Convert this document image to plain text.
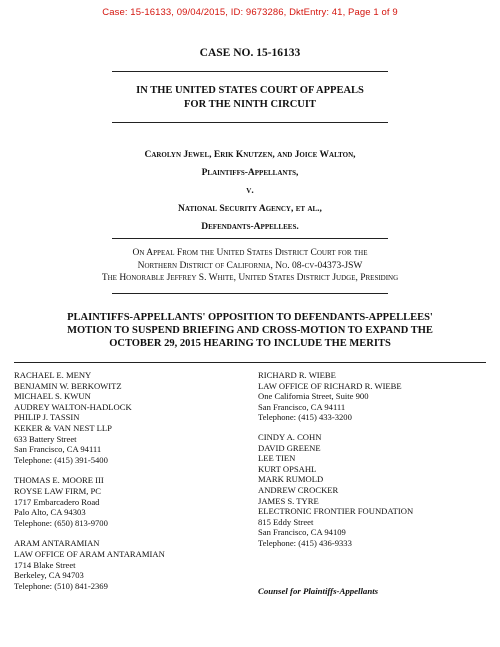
Case: 15-16133, 09/04/2015, ID: 9673286, DktEntry: 41, Page 1 of 9
CASE NO. 15-16133
IN THE UNITED STATES COURT OF APPEALS
FOR THE NINTH CIRCUIT
Carolyn Jewel, Erik Knutzen, and Joice Walton,
Plaintiffs-Appellants,
v.
National Security Agency, et al.,
Defendants-Appellees.
On Appeal From the United States District Court for the
Northern District of California, No. 08-cv-04373-JSW
The Honorable Jeffrey S. White, United States District Judge, Presiding
PLAINTIFFS-APPELLANTS' OPPOSITION TO DEFENDANTS-APPELLEES'
MOTION TO SUSPEND BRIEFING AND CROSS-MOTION TO EXPAND THE
OCTOBER 29, 2015 HEARING TO INCLUDE THE MERITS
RACHAEL E. MENY
BENJAMIN W. BERKOWITZ
MICHAEL S. KWUN
AUDREY WALTON-HADLOCK
PHILIP J. TASSIN
KEKER & VAN NEST LLP
633 Battery Street
San Francisco, CA 94111
Telephone: (415) 391-5400
THOMAS E. MOORE III
ROYSE LAW FIRM, PC
1717 Embarcadero Road
Palo Alto, CA 94303
Telephone: (650) 813-9700
ARAM ANTARAMIAN
LAW OFFICE OF ARAM ANTARAMIAN
1714 Blake Street
Berkeley, CA 94703
Telephone: (510) 841-2369
RICHARD R. WIEBE
LAW OFFICE OF RICHARD R. WIEBE
One California Street, Suite 900
San Francisco, CA 94111
Telephone: (415) 433-3200
CINDY A. COHN
DAVID GREENE
LEE TIEN
KURT OPSAHL
MARK RUMOLD
ANDREW CROCKER
JAMES S. TYRE
ELECTRONIC FRONTIER FOUNDATION
815 Eddy Street
San Francisco, CA 94109
Telephone: (415) 436-9333
Counsel for Plaintiffs-Appellants
